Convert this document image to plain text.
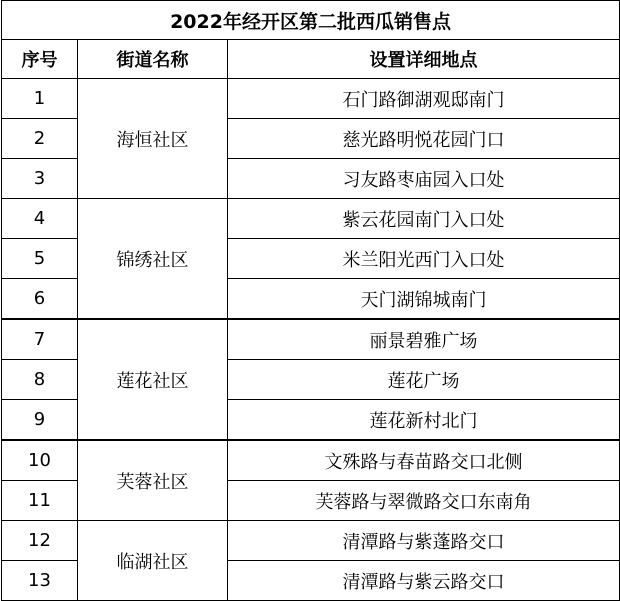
2022年经开区第二批西瓜销售点		
序号	街道名称	设置详细地点
1	海恒社区	石门路御湖观邸南门
2		慈光路明悦花园门口
3		习友路枣庙园入口处
4	锦绣社区	紫云花园南门入口处
5		米兰阳光西门入口处
6		天门湖锦城南门
7	莲花社区	丽景碧雅广场
8		莲花广场
9		莲花新村北门
10	芙蓉社区	文殊路与春苗路交口北侧
11		芙蓉路与翠微路交口东南角
12	临湖社区	清潭路与紫蓬路交口
13		清潭路与紫云路交口
